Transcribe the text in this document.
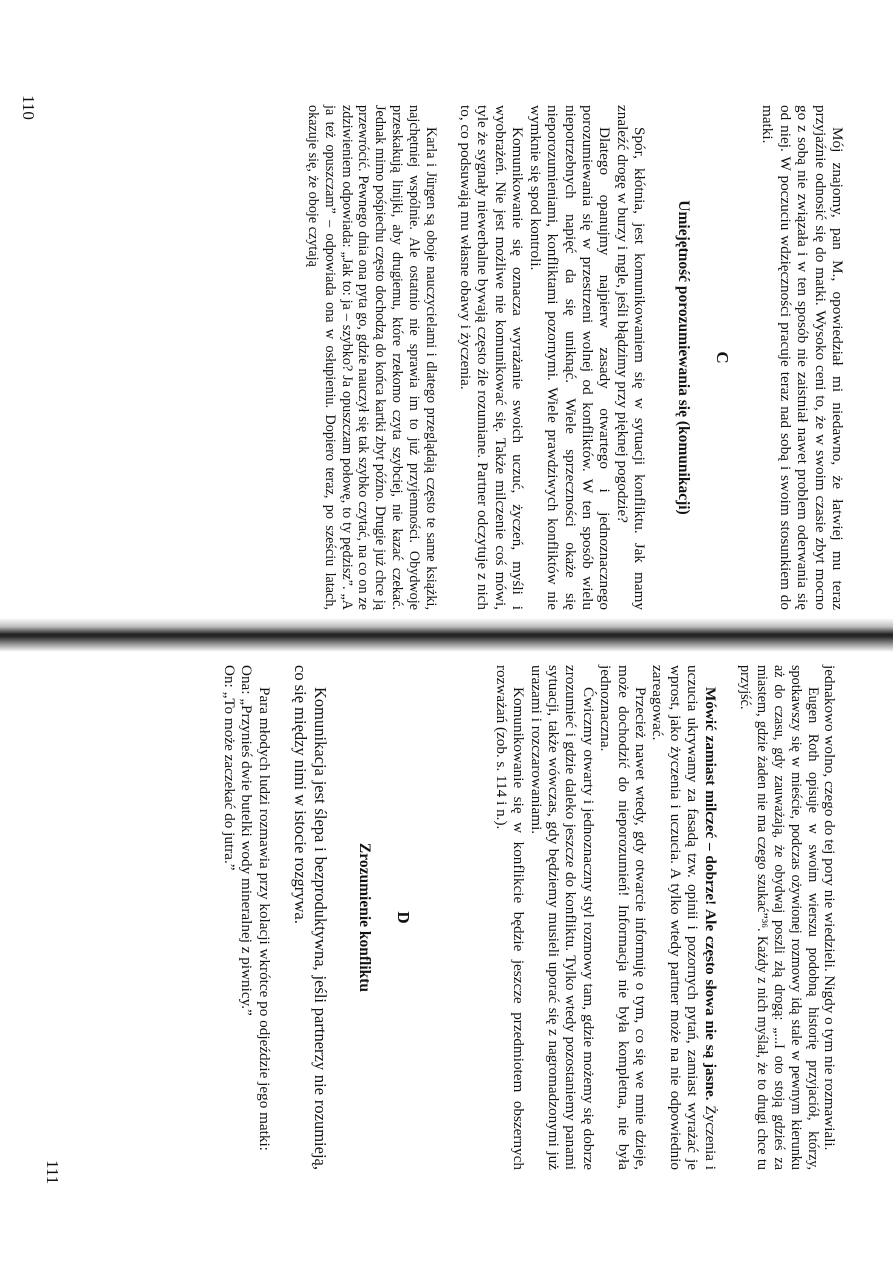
Mój znajomy, pan M., opowiedział mi niedawno, że łatwiej mu teraz przyjaźnie odnosić się do matki. Wysoko ceni to, że w swoim czasie zbyt mocno go z sobą nie związała i w ten sposób nie zaistniał nawet problem oderwania się od niej. W poczuciu wdzięczności pracuje teraz nad sobą i swoim stosunkiem do matki.

C
Umiejętność porozumiewania się (komunikacji)

Spór, kłótnia, jest komunikowaniem się w sytuacji konfliktu. Jak mamy znaleźć drogę w burzy i mgle, jeśli błądzimy przy pięknej pogodzie?

Dlatego opanujmy najpierw zasady otwartego i jednoznacznego porozumiewania się w przestrzeni wolnej od konfliktów. W ten sposób wielu niepotrzebnych napięć da się uniknąć. Wiele sprzeczności okaże się nieporozumieniami, konfliktami pozornymi. Wiele prawdziwych konfliktów nie wymknie się spod kontroli.

Komunikowanie się oznacza wyrażanie swoich uczuć, życzeń, myśli i wyobrażeń. Nie jest możliwe nie komunikować się. Także milczenie coś mówi, tyle że sygnały niewerbalne bywają często źle rozumiane. Partner odczytuje z nich to, co podsuwają mu własne obawy i życzenia.

Karla i Jürgen są oboje nauczycielami i dlatego przeglądają często te same książki, najchętniej wspólnie. Ale ostatnio nie sprawia im to już przyjemności. Obydwoje przeskakują linijki, aby drugiemu, które rzekomo czyta szybciej, nie kazać czekać. Jednak mimo pośpiechu często dochodzą do końca kartki zbyt późno. Drugie już chce ją przewrócić. Pewnego dnia ona pyta go, gdzie nauczył się tak szybko czytać, na co on ze zdziwieniem odpowiada: „Jak to: ja – szybko? Ja opuszczam połowę, to ty pędzisz”. „A ja też opuszczam” – odpowiada ona w osłupieniu. Dopiero teraz, po sześciu latach, okazuje się, że oboje czytają

110

jednakowo wolno, czego do tej pory nie wiedzieli. Nigdy o tym nie rozmawiali.

Eugen Roth opisuje w swoim wierszu podobną historię przyjaciół, którzy, spotkawszy się w mieście, podczas ożywionej rozmowy idą stale w pewnym kierunku aż do czasu, gdy zauważają, że obydwaj poszli złą drogą: „...I oto stoją gdzieś za miastem, gdzie żaden nie ma czego szukać”³⁶. Każdy z nich myślał, że to drugi chce tu przyjść.

Mówić zamiast milczeć – dobrze! Ale często słowa nie są jasne. Życzenia i uczucia ukrywamy za fasadą tzw. opinii i pozornych pytań, zamiast wyrażać je wprost, jako życzenia i uczucia. A tylko wtedy partner może na nie odpowiednio zareagować.

Przecież nawet wtedy, gdy otwarcie informuję o tym, co się we mnie dzieje, może dochodzić do nieporozumień! Informacja nie była kompletna, nie była jednoznaczna.

Ćwiczmy otwarty i jednoznaczny styl rozmowy tam, gdzie możemy się dobrze zrozumieć i gdzie daleko jeszcze do konfliktu. Tylko wtedy pozostaniemy panami sytuacji, także wówczas, gdy będziemy musieli uporać się z nagromadzonymi już urazami i rozczarowaniami.

Komunikowanie się w konflikcie będzie jeszcze przedmiotem obszernych rozważań (zob. s. 114 i n.).

D
Zrozumienie konfliktu

Komunikacja jest ślepa i bezproduktywna, jeśli partnerzy nie rozumieją, co się między nimi w istocie rozgrywa.

Para młodych ludzi rozmawia przy kolacji wkrótce po odjeździe jego matki:

Ona: „Przynieś dwie butelki wody mineralnej z piwnicy.”

On: „To może zaczekać do jutra.”

111
